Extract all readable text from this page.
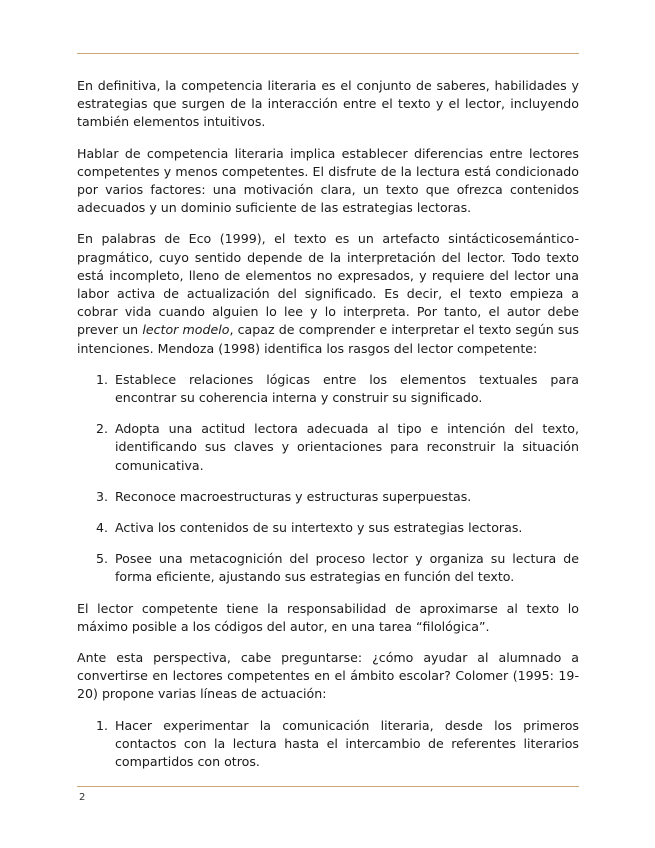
En definitiva, la competencia literaria es el conjunto de saberes, habilidades y estrategias que surgen de la interacción entre el texto y el lector, incluyendo también elementos intuitivos.

Hablar de competencia literaria implica establecer diferencias entre lectores competentes y menos competentes. El disfrute de la lectura está condicionado por varios factores: una motivación clara, un texto que ofrezca contenidos adecuados y un dominio suficiente de las estrategias lectoras.

En palabras de Eco (1999), el texto es un artefacto sintácticosemántico-pragmático, cuyo sentido depende de la interpretación del lector. Todo texto está incompleto, lleno de elementos no expresados, y requiere del lector una labor activa de actualización del significado. Es decir, el texto empieza a cobrar vida cuando alguien lo lee y lo interpreta. Por tanto, el autor debe prever un lector modelo, capaz de comprender e interpretar el texto según sus intenciones. Mendoza (1998) identifica los rasgos del lector competente:

1. Establece relaciones lógicas entre los elementos textuales para encontrar su coherencia interna y construir su significado.
2. Adopta una actitud lectora adecuada al tipo e intención del texto, identificando sus claves y orientaciones para reconstruir la situación comunicativa.
3. Reconoce macroestructuras y estructuras superpuestas.
4. Activa los contenidos de su intertexto y sus estrategias lectoras.
5. Posee una metacognición del proceso lector y organiza su lectura de forma eficiente, ajustando sus estrategias en función del texto.

El lector competente tiene la responsabilidad de aproximarse al texto lo máximo posible a los códigos del autor, en una tarea “filológica”.

Ante esta perspectiva, cabe preguntarse: ¿cómo ayudar al alumnado a convertirse en lectores competentes en el ámbito escolar? Colomer (1995: 19-20) propone varias líneas de actuación:

1. Hacer experimentar la comunicación literaria, desde los primeros contactos con la lectura hasta el intercambio de referentes literarios compartidos con otros.
2
